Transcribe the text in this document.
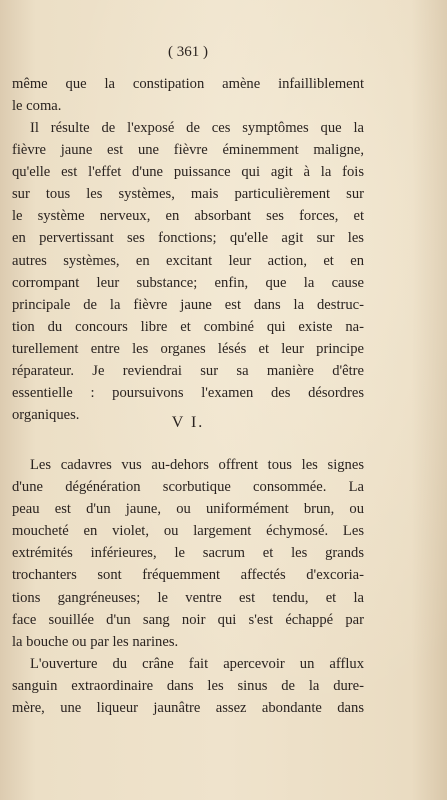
( 361 )
même que la constipation amène infailliblement
le coma.
Il résulte de l'exposé de ces symptômes que la
fièvre jaune est une fièvre éminemment maligne,
qu'elle est l'effet d'une puissance qui agit à la fois
sur tous les systèmes, mais particulièrement sur
le système nerveux, en absorbant ses forces, et
en pervertissant ses fonctions; qu'elle agit sur les
autres systèmes, en excitant leur action, et en
corrompant leur substance; enfin, que la cause
principale de la fièvre jaune est dans la destruc-
tion du concours libre et combiné qui existe na-
turellement entre les organes lésés et leur principe
réparateur. Je reviendrai sur sa manière d'être
essentielle : poursuivons l'examen des désordres
organiques.	V I.
Les cadavres vus au-dehors offrent tous les signes
d'une dégénération scorbutique consommée. La
peau est d'un jaune, ou uniformément brun, ou
moucheté en violet, ou largement échymosé. Les
extrémités inférieures, le sacrum et les grands
trochanters sont fréquemment affectés d'excoria-
tions gangréneuses; le ventre est tendu, et la
face souillée d'un sang noir qui s'est échappé par
la bouche ou par les narines.
L'ouverture du crâne fait apercevoir un afflux
sanguin extraordinaire dans les sinus de la dure-
mère, une liqueur jaunâtre assez abondante dans
